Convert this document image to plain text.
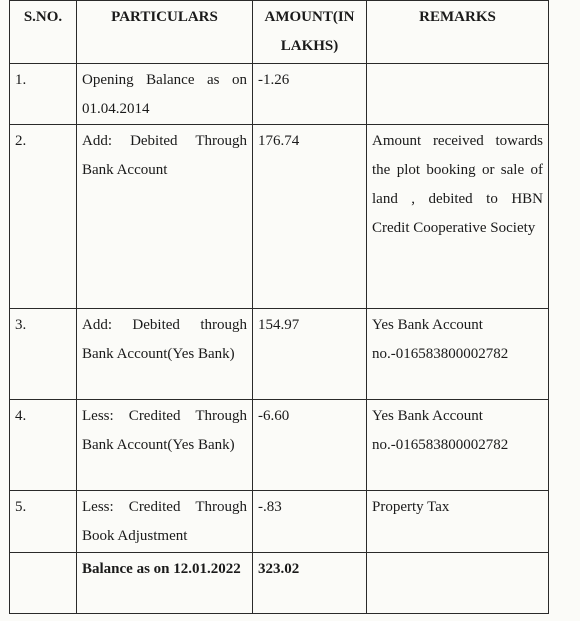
S.NO.	PARTICULARS	AMOUNT(IN LAKHS)	REMARKS
1.	Opening Balance as on 01.04.2014	-1.26	
2.	Add: Debited Through Bank Account	176.74	Amount received towards the plot booking or sale of land , debited to HBN Credit Cooperative Society
3.	Add: Debited through Bank Account(Yes Bank)	154.97	Yes Bank Account no.-016583800002782
4.	Less: Credited Through Bank Account(Yes Bank)	-6.60	Yes Bank Account no.-016583800002782
5.	Less: Credited Through Book Adjustment	-.83	Property Tax
	Balance as on 12.01.2022	323.02	
